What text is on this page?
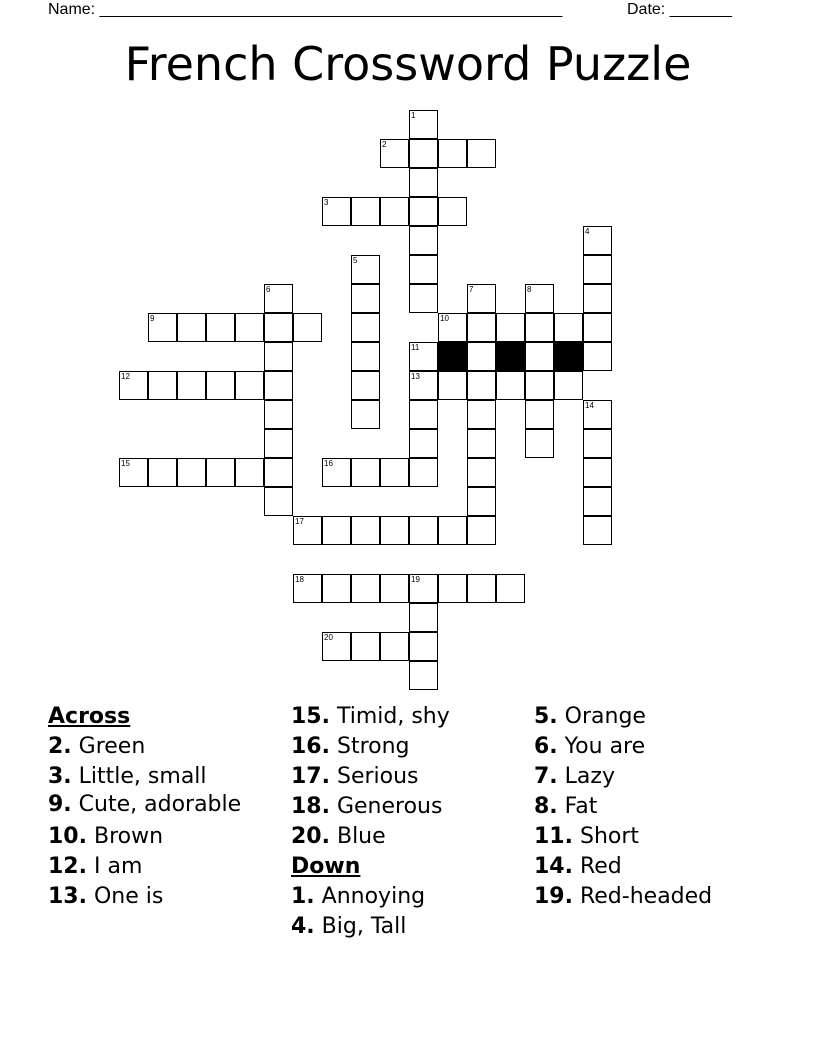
Name: ____________________________________________________	Date: _______
French Crossword Puzzle
1
2
3
4
5
6	7	8
9	10
11
12	13
14
15	16
17
18	19
20
Across
2. Green
3. Little, small
9. Cute, adorable
10. Brown
12. I am
13. One is
15. Timid, shy
16. Strong
17. Serious
18. Generous
20. Blue
Down
1. Annoying
4. Big, Tall
5. Orange
6. You are
7. Lazy
8. Fat
11. Short
14. Red
19. Red-headed
